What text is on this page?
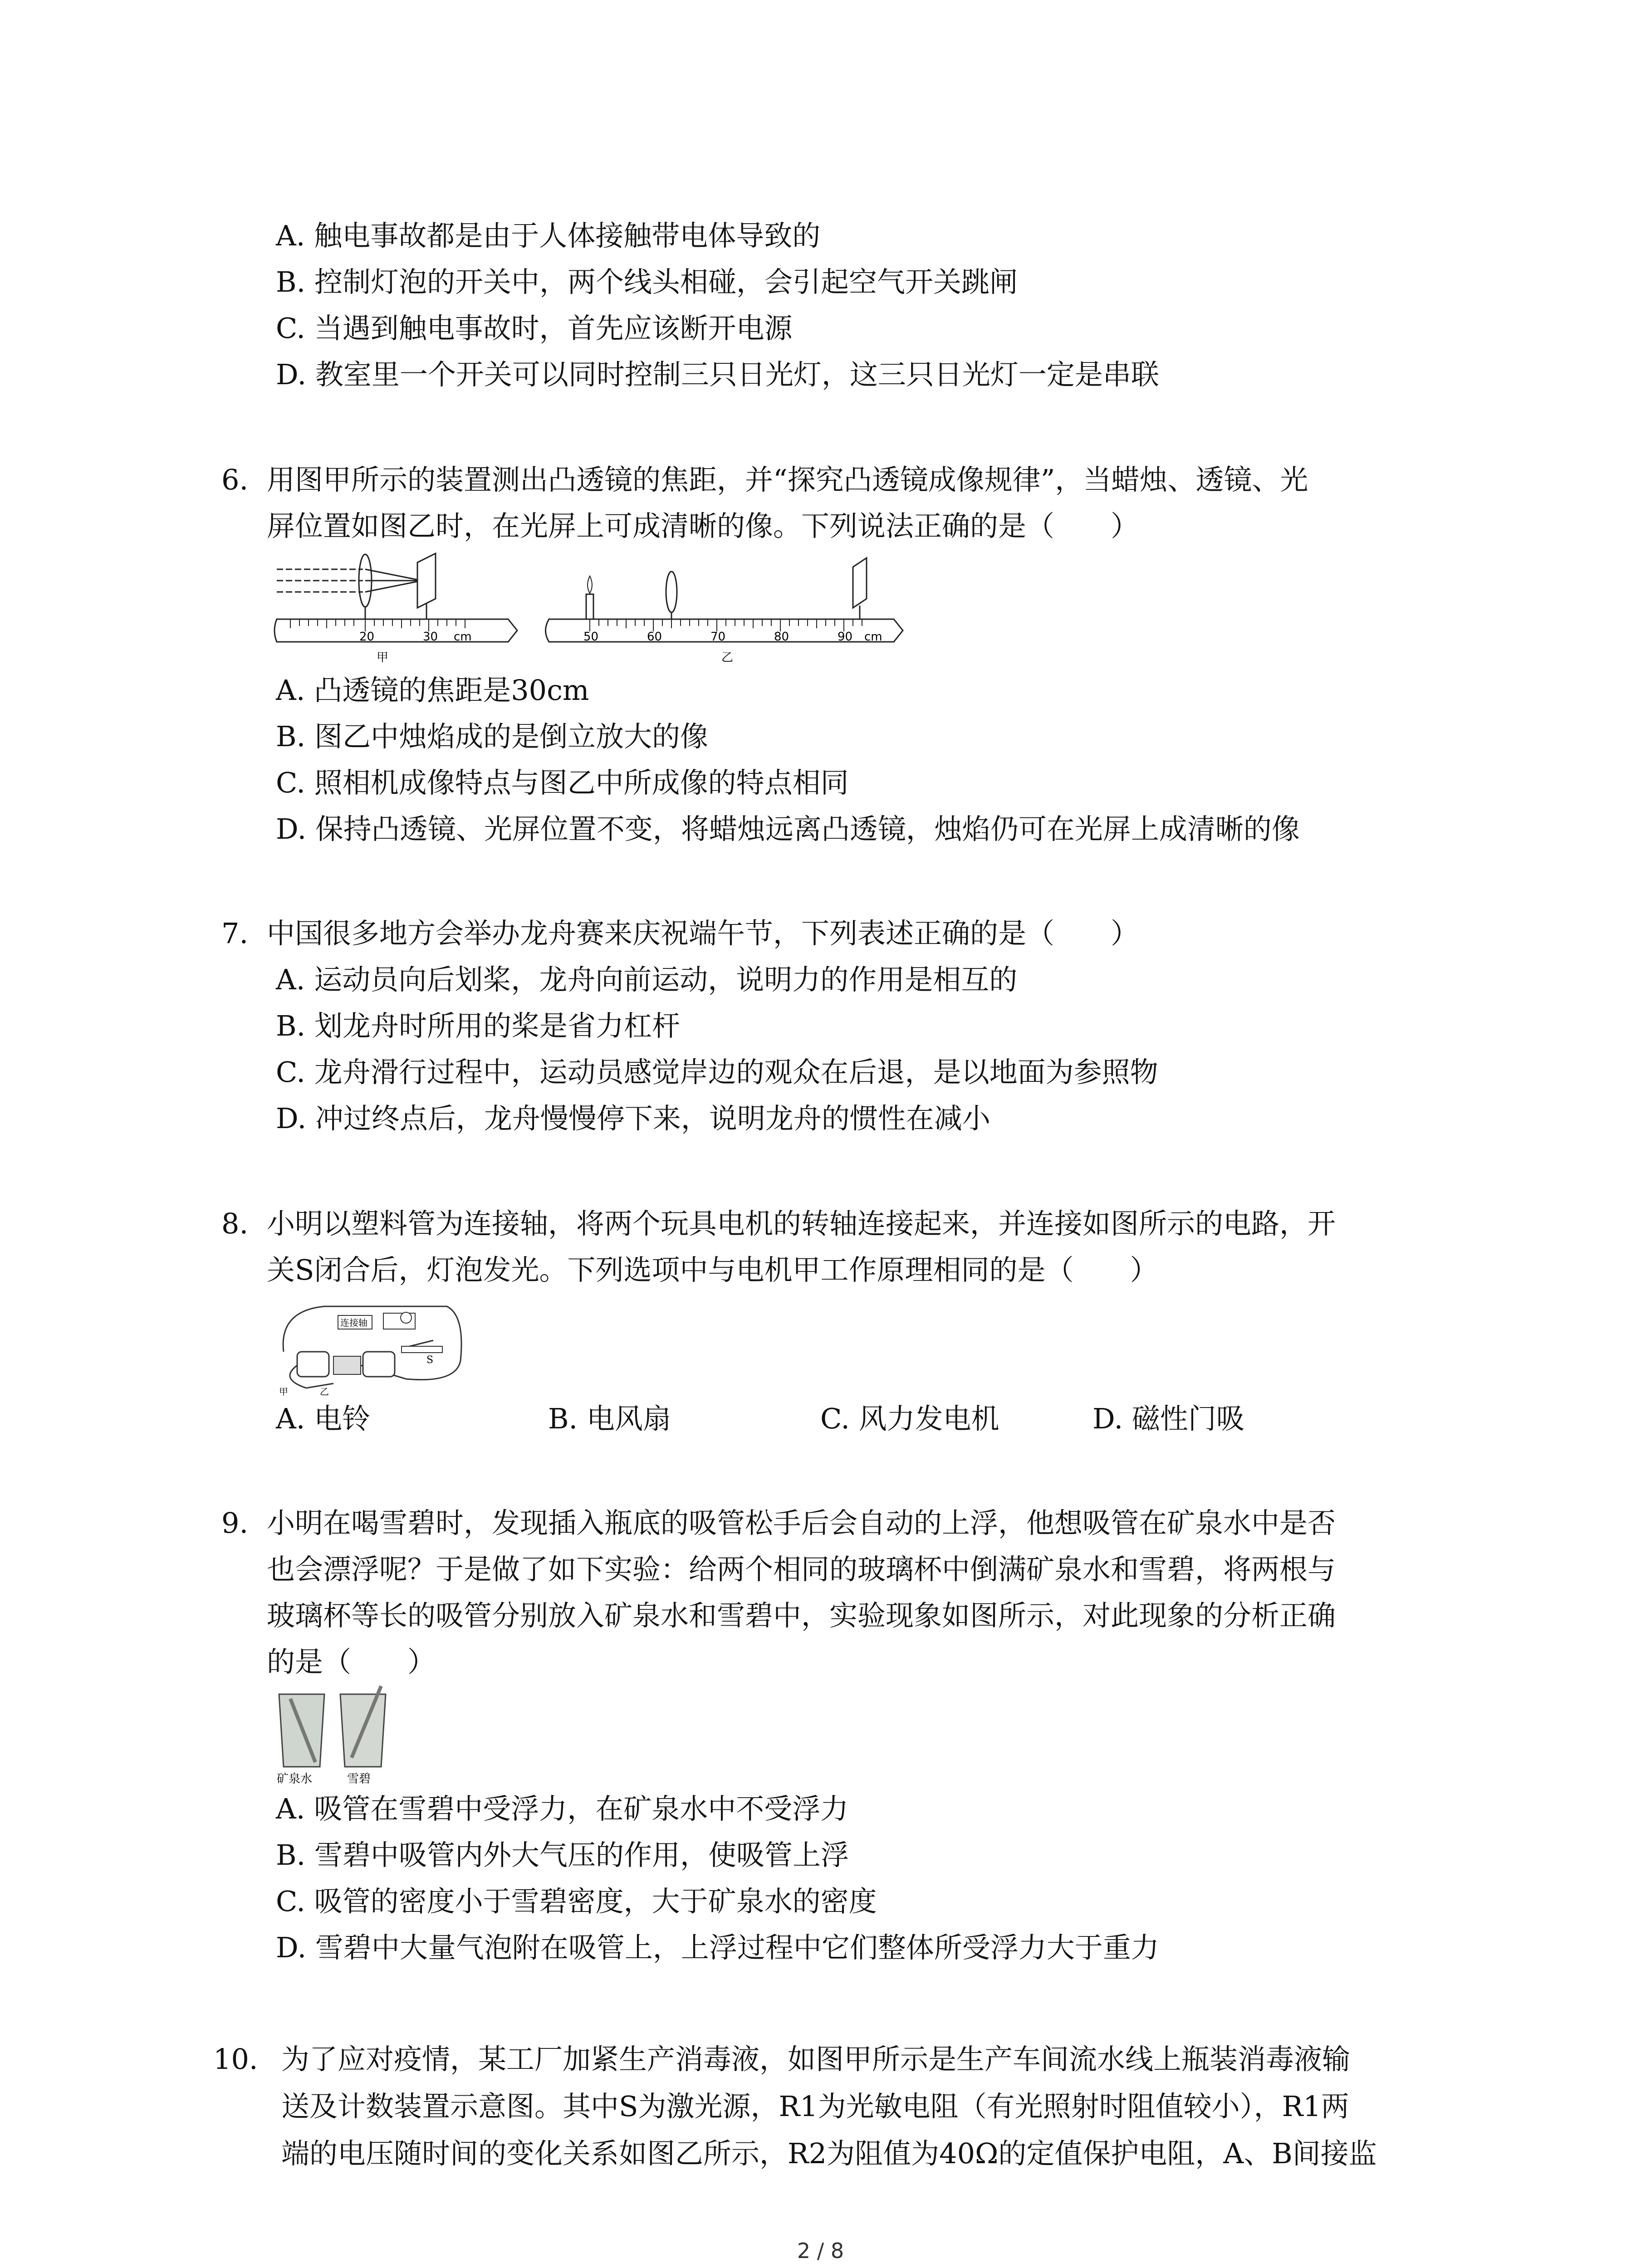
A. 触电事故都是由于人体接触带电体导致的
B. 控制灯泡的开关中，两个线头相碰，会引起空气开关跳闸
C. 当遇到触电事故时，首先应该断开电源
D. 教室里一个开关可以同时控制三只日光灯，这三只日光灯一定是串联
6. 用图甲所示的装置测出凸透镜的焦距，并“探究凸透镜成像规律”，当蜡烛、透镜、光
屏位置如图乙时，在光屏上可成清晰的像。下列说法正确的是（　　）
20	30 cm
甲
50	60	70	80	90 cm
乙
A. 凸透镜的焦距是30cm
B. 图乙中烛焰成的是倒立放大的像
C. 照相机成像特点与图乙中所成像的特点相同
D. 保持凸透镜、光屏位置不变，将蜡烛远离凸透镜，烛焰仍可在光屏上成清晰的像
7. 中国很多地方会举办龙舟赛来庆祝端午节，下列表述正确的是（　　）
A. 运动员向后划桨，龙舟向前运动，说明力的作用是相互的
B. 划龙舟时所用的桨是省力杠杆
C. 龙舟滑行过程中，运动员感觉岸边的观众在后退，是以地面为参照物
D. 冲过终点后，龙舟慢慢停下来，说明龙舟的惯性在减小
8. 小明以塑料管为连接轴，将两个玩具电机的转轴连接起来，并连接如图所示的电路，开
关S闭合后，灯泡发光。下列选项中与电机甲工作原理相同的是（　　）
连接轴
S
甲	乙
A. 电铃	B. 电风扇	C. 风力发电机	D. 磁性门吸
9. 小明在喝雪碧时，发现插入瓶底的吸管松手后会自动的上浮，他想吸管在矿泉水中是否
也会漂浮呢？于是做了如下实验：给两个相同的玻璃杯中倒满矿泉水和雪碧，将两根与
玻璃杯等长的吸管分别放入矿泉水和雪碧中，实验现象如图所示，对此现象的分析正确
的是（　　）
矿泉水	雪碧
A. 吸管在雪碧中受浮力，在矿泉水中不受浮力
B. 雪碧中吸管内外大气压的作用，使吸管上浮
C. 吸管的密度小于雪碧密度，大于矿泉水的密度
D. 雪碧中大量气泡附在吸管上，上浮过程中它们整体所受浮力大于重力
10. 为了应对疫情，某工厂加紧生产消毒液，如图甲所示是生产车间流水线上瓶装消毒液输
送及计数装置示意图。其中S为激光源，R1为光敏电阻（有光照射时阻值较小），R1两
端的电压随时间的变化关系如图乙所示，R2为阻值为40Ω的定值保护电阻，A、B间接监
2 / 8
